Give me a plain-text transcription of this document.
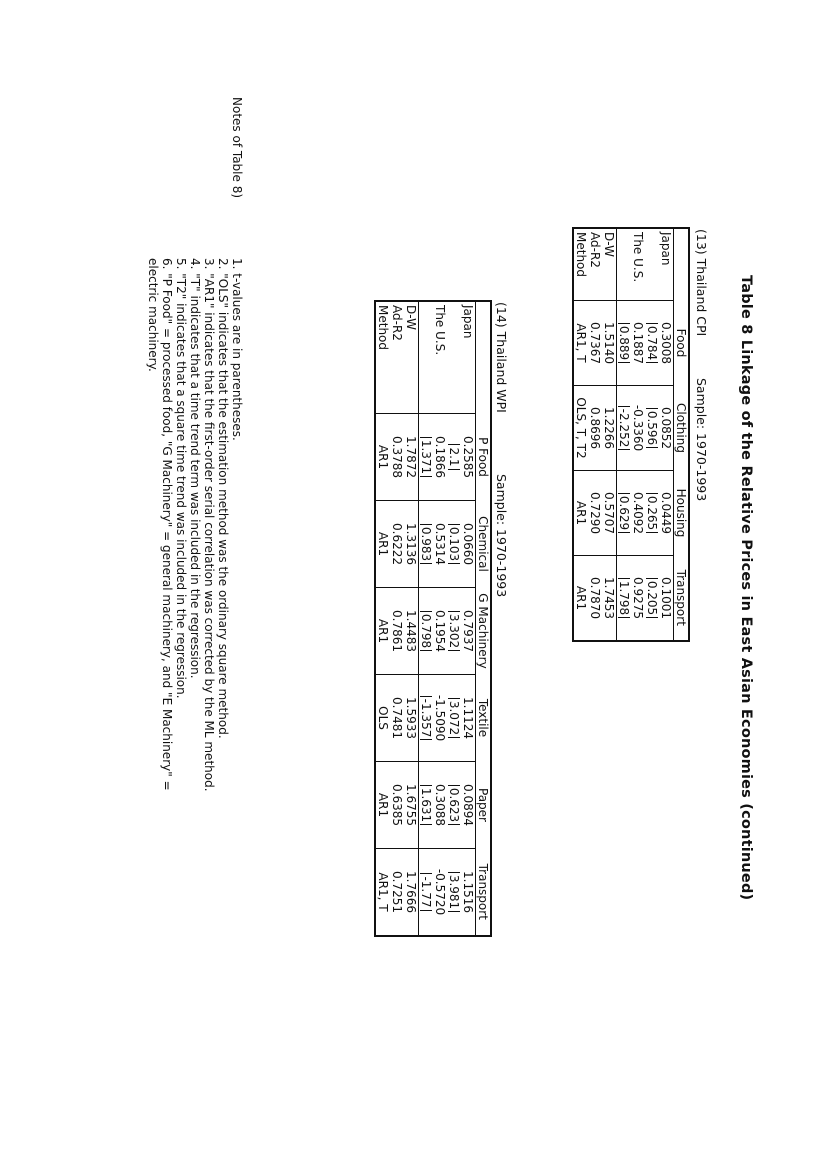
Table 8 Linkage of the Relative Prices in East Asian Economies (continued)
(13) Thailand CPI
Sample: 1970-1993
	Food	Clothing	Housing	Transport
Japan	0.3008	0.0852	0.0449	0.1001
	0.784	0.596	0.265	0.205
The U.S.	0.1887	-0.3360	0.4092	0.9275
	0.889	-2.252	0.629	1.798
D-W	1.5140	1.2266	0.5707	1.7453
Ad-R2	0.7367	0.8696	0.7290	0.7870
Method	AR1, T	OLS, T, T2	AR1	AR1
(14) Thailand WPI
Sample: 1970-1993
	P Food	Chemical	G Machinery	Textile	Paper	Transport
Japan	0.2585	0.0660	0.7937	1.1124	0.0894	1.1516
	2.1	0.103	3.302	3.072	0.623	3.981
The U.S.	0.1866	0.5314	0.1954	-1.5090	0.3088	-0.5720
	1.371	0.983	0.798	-1.357	1.631	-1.77
D-W	1.7872	1.3136	1.4483	1.5933	1.6755	1.7666
Ad-R2	0.3788	0.6222	0.7861	0.7481	0.6385	0.7251
Method	AR1	AR1	AR1	OLS	AR1	AR1, T
Notes of Table 8)
1. t-values are in parentheses.
2. "OLS" indicates that the estimation method was the ordinary square method.
3. "AR1" indicates that the first-order serial correlation was corrected by the ML method.
4. "T" indicates that a time trend term was included in the regression.
5. "T2" indicates that a square time trend was included in the regression.
6. "P Food" = processed food, "G Machinery" = general machinery, and "E Machinery" =
electric machinery.
